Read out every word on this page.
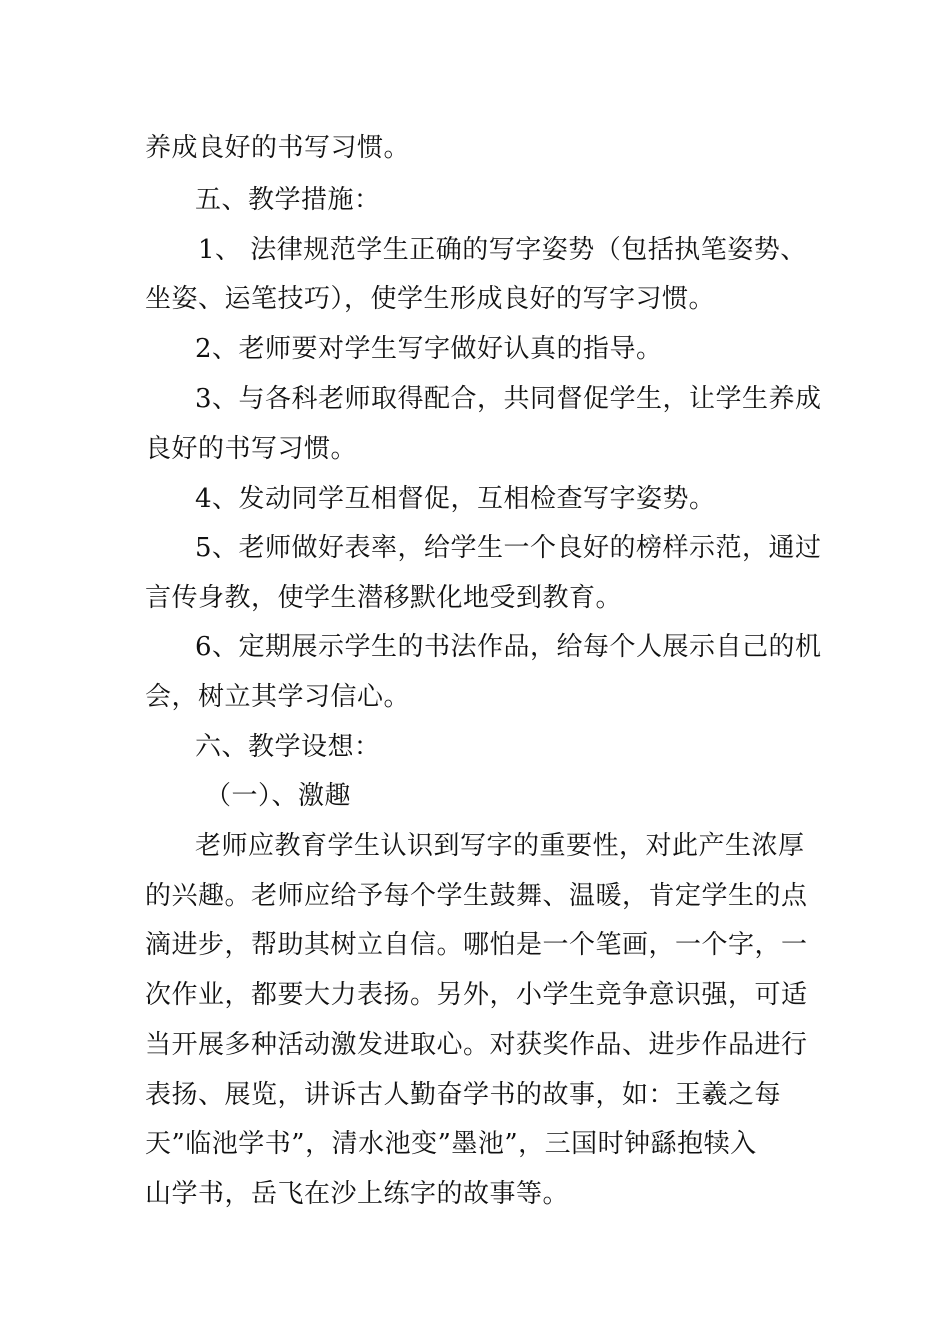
养成良好的书写习惯。
五、教学措施：
1、 法律规范学生正确的写字姿势（包括执笔姿势、
坐姿、运笔技巧），使学生形成良好的写字习惯。
2、老师要对学生写字做好认真的指导。
3、与各科老师取得配合，共同督促学生，让学生养成
良好的书写习惯。
4、发动同学互相督促，互相检查写字姿势。
5、老师做好表率，给学生一个良好的榜样示范，通过
言传身教，使学生潜移默化地受到教育。
6、定期展示学生的书法作品，给每个人展示自己的机
会，树立其学习信心。
六、教学设想：
（一）、激趣
老师应教育学生认识到写字的重要性，对此产生浓厚
的兴趣。老师应给予每个学生鼓舞、温暖，肯定学生的点
滴进步，帮助其树立自信。哪怕是一个笔画，一个字，一
次作业，都要大力表扬。另外，小学生竞争意识强，可适
当开展多种活动激发进取心。对获奖作品、进步作品进行
表扬、展览，讲诉古人勤奋学书的故事，如：王羲之每
天”临池学书”，清水池变”墨池”，三国时钟繇抱犊入
山学书，岳飞在沙上练字的故事等。
